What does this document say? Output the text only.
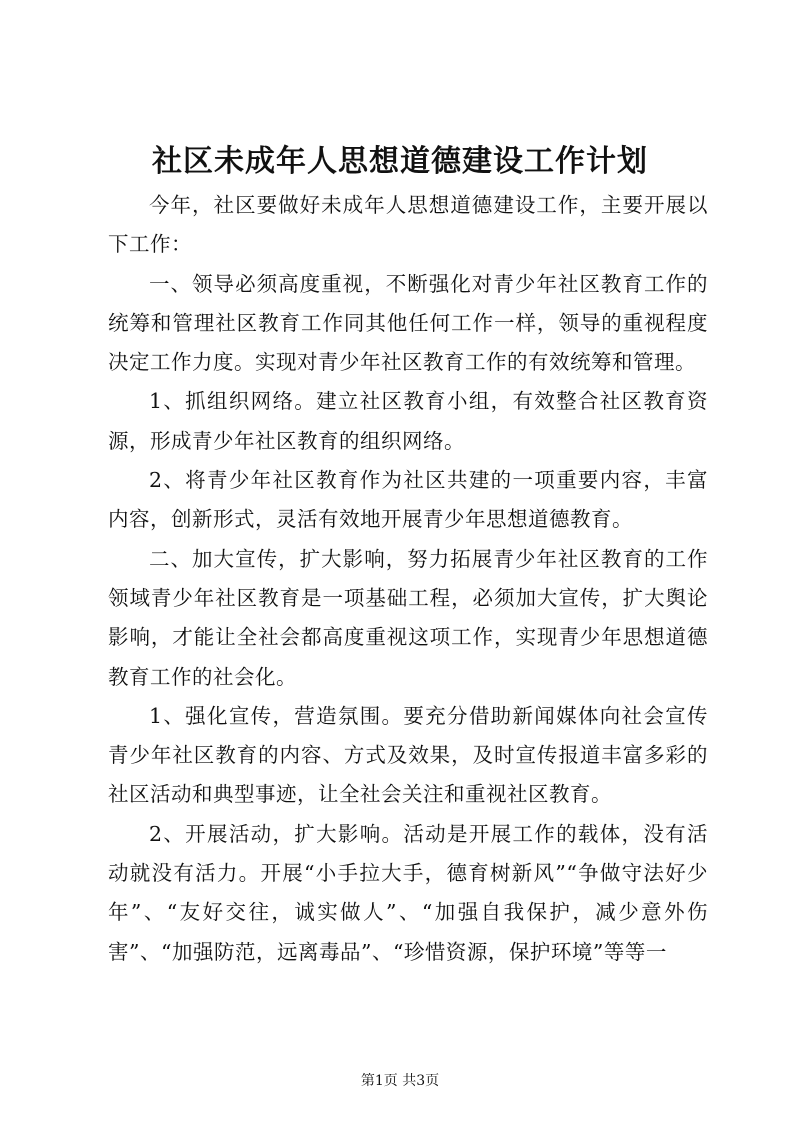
社区未成年人思想道德建设工作计划

今年，社区要做好未成年人思想道德建设工作，主要开展以下工作：

一、领导必须高度重视，不断强化对青少年社区教育工作的统筹和管理社区教育工作同其他任何工作一样，领导的重视程度决定工作力度。实现对青少年社区教育工作的有效统筹和管理。

1、抓组织网络。建立社区教育小组，有效整合社区教育资源，形成青少年社区教育的组织网络。

2、将青少年社区教育作为社区共建的一项重要内容，丰富内容，创新形式，灵活有效地开展青少年思想道德教育。

二、加大宣传，扩大影响，努力拓展青少年社区教育的工作领域青少年社区教育是一项基础工程，必须加大宣传，扩大舆论影响，才能让全社会都高度重视这项工作，实现青少年思想道德教育工作的社会化。

1、强化宣传，营造氛围。要充分借助新闻媒体向社会宣传青少年社区教育的内容、方式及效果，及时宣传报道丰富多彩的社区活动和典型事迹，让全社会关注和重视社区教育。

2、开展活动，扩大影响。活动是开展工作的载体，没有活动就没有活力。开展“小手拉大手，德育树新风”“争做守法好少年”、“友好交往，诚实做人”、“加强自我保护，减少意外伤害”、“加强防范，远离毒品”、“珍惜资源，保护环境”等等一

第1页 共3页
